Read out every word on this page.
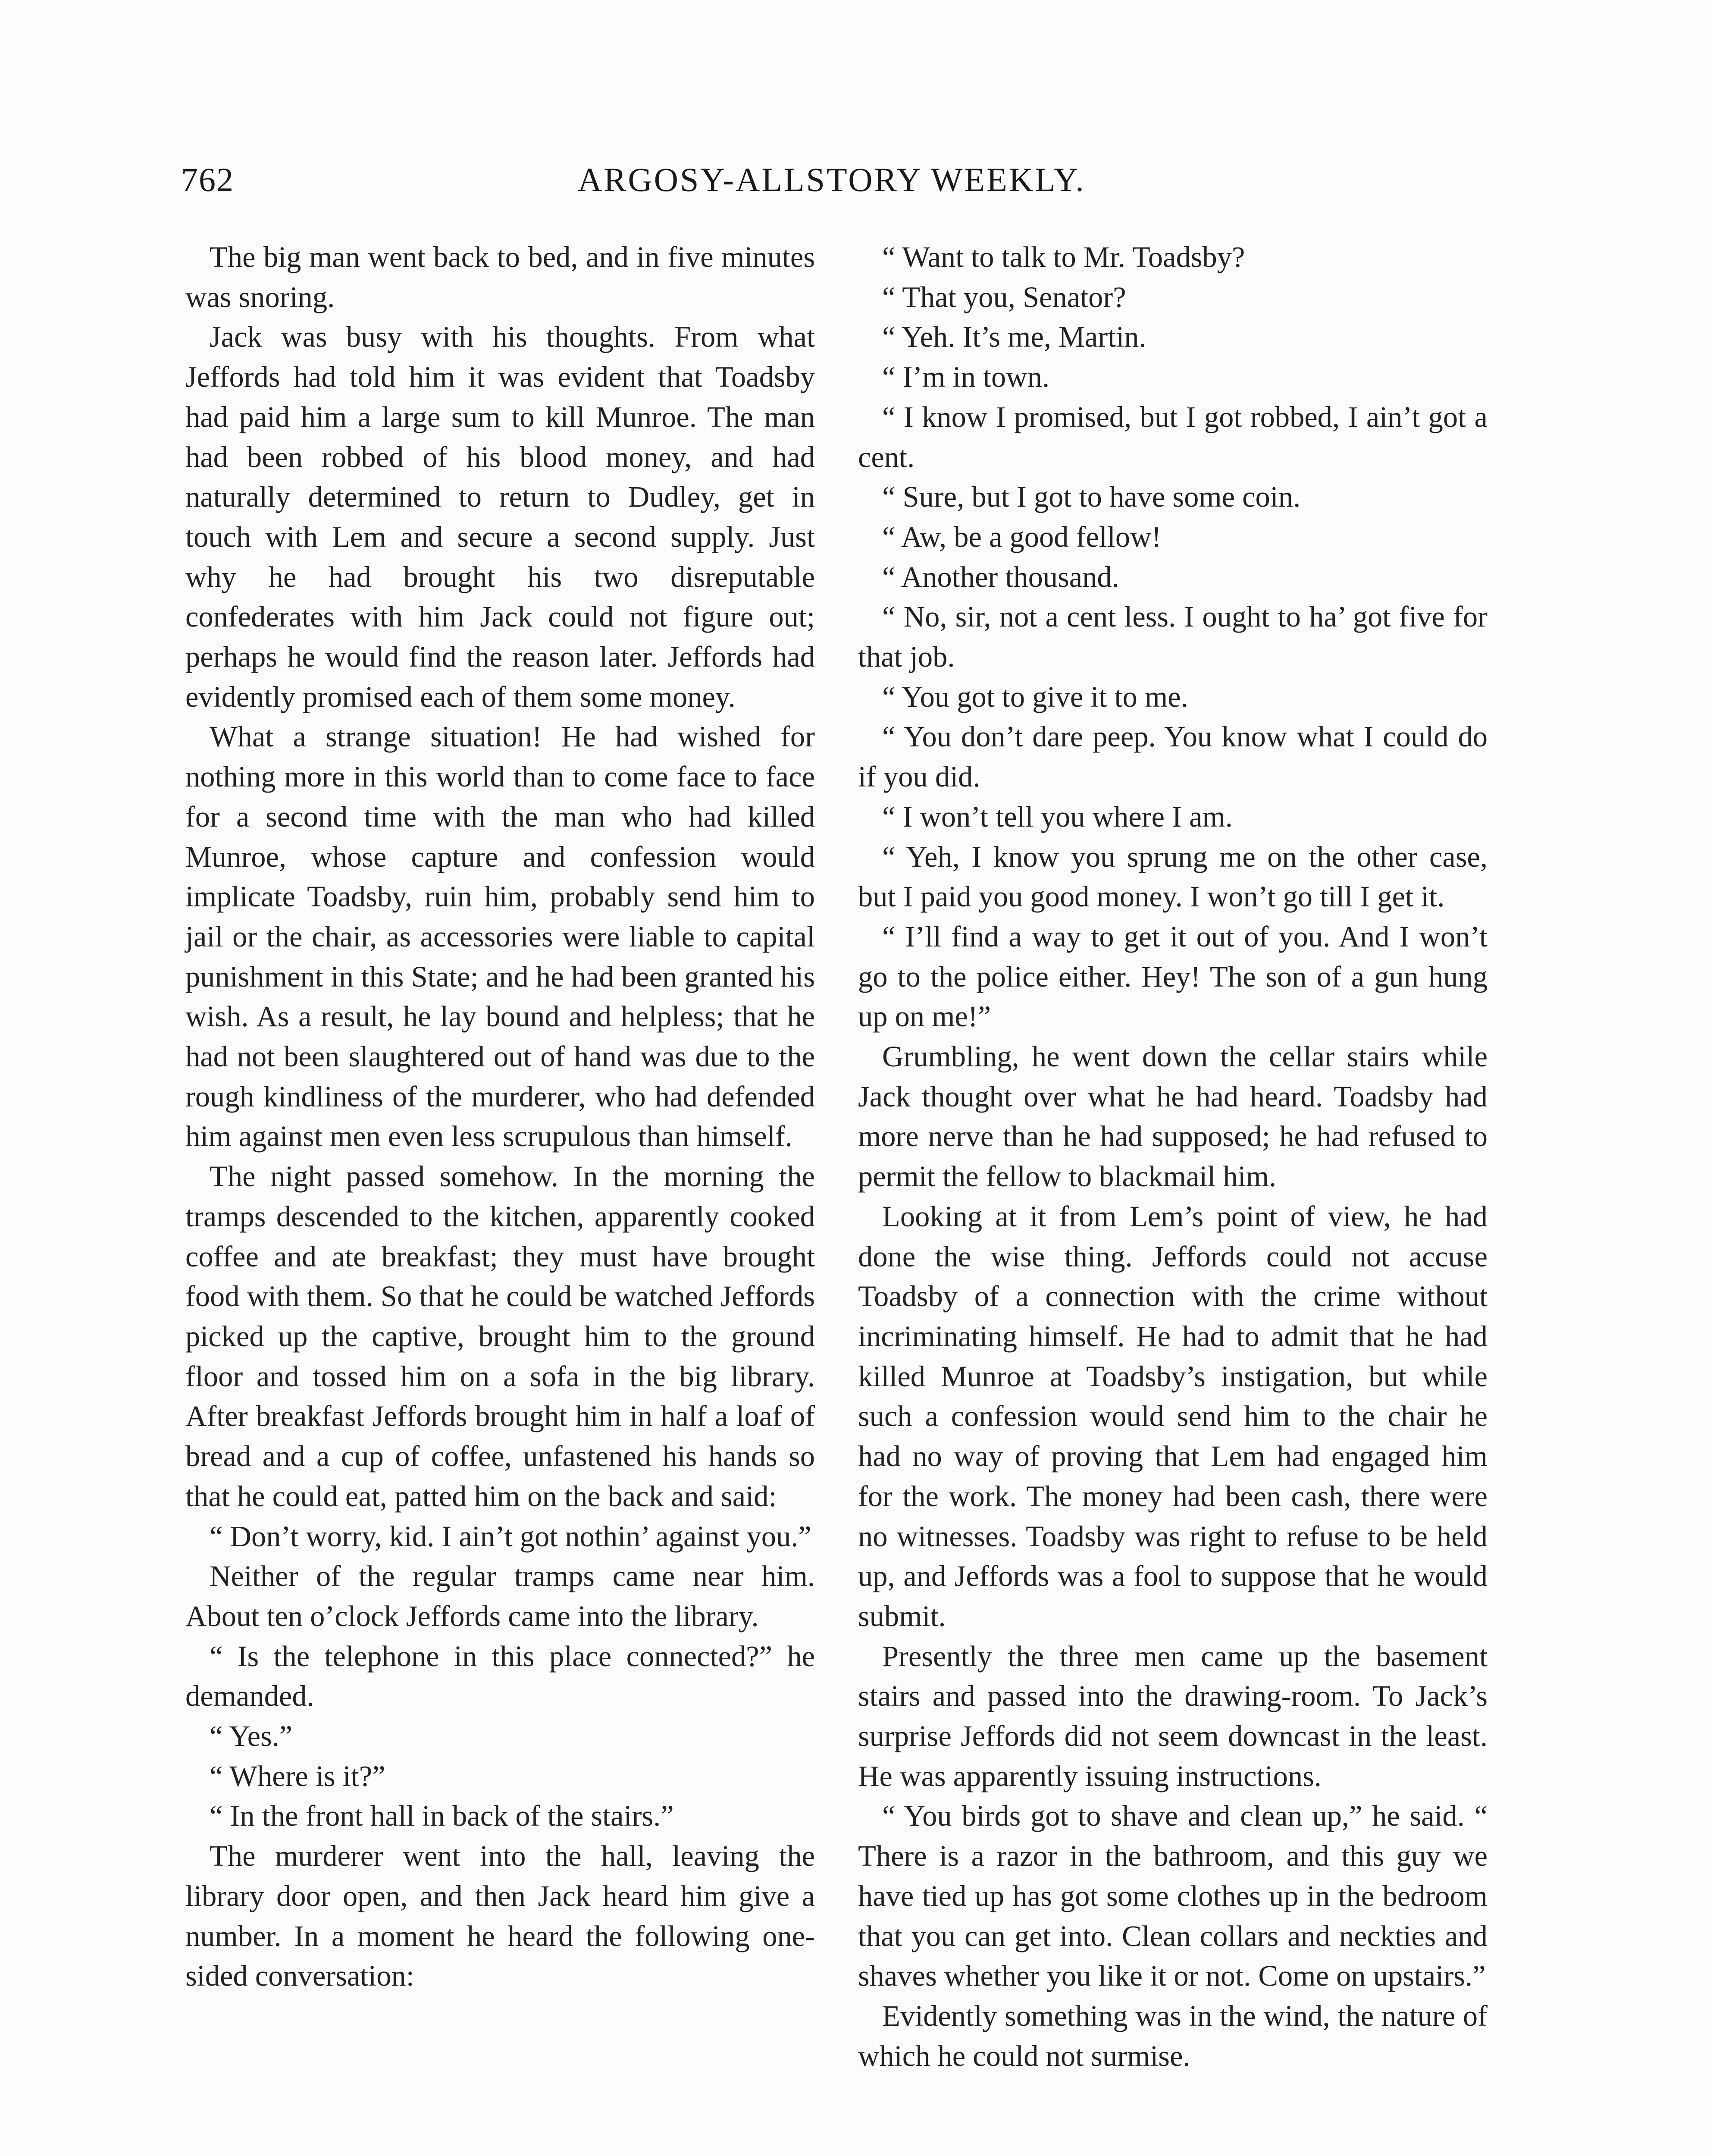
762	ARGOSY-ALLSTORY WEEKLY.

The big man went back to bed, and in five minutes was snoring.

Jack was busy with his thoughts. From what Jeffords had told him it was evident that Toadsby had paid him a large sum to kill Munroe. The man had been robbed of his blood money, and had naturally determined to return to Dudley, get in touch with Lem and secure a second supply. Just why he had brought his two disreputable confederates with him Jack could not figure out; perhaps he would find the reason later. Jeffords had evidently promised each of them some money.

What a strange situation! He had wished for nothing more in this world than to come face to face for a second time with the man who had killed Munroe, whose capture and confession would implicate Toadsby, ruin him, probably send him to jail or the chair, as accessories were liable to capital punishment in this State; and he had been granted his wish. As a result, he lay bound and helpless; that he had not been slaughtered out of hand was due to the rough kindliness of the murderer, who had defended him against men even less scrupulous than himself.

The night passed somehow. In the morning the tramps descended to the kitchen, apparently cooked coffee and ate breakfast; they must have brought food with them. So that he could be watched Jeffords picked up the captive, brought him to the ground floor and tossed him on a sofa in the big library. After breakfast Jeffords brought him in half a loaf of bread and a cup of coffee, unfastened his hands so that he could eat, patted him on the back and said:

“ Don’t worry, kid. I ain’t got nothin’ against you.”

Neither of the regular tramps came near him. About ten o’clock Jeffords came into the library.

“ Is the telephone in this place connected?” he demanded.

“ Yes.”

“ Where is it?”

“ In the front hall in back of the stairs.”

The murderer went into the hall, leaving the library door open, and then Jack heard him give a number. In a moment he heard the following one-sided conversation:

“ Want to talk to Mr. Toadsby?

“ That you, Senator?

“ Yeh. It’s me, Martin.

“ I’m in town.

“ I know I promised, but I got robbed, I ain’t got a cent.

“ Sure, but I got to have some coin.

“ Aw, be a good fellow!

“ Another thousand.

“ No, sir, not a cent less. I ought to ha’ got five for that job.

“ You got to give it to me.

“ You don’t dare peep. You know what I could do if you did.

“ I won’t tell you where I am.

“ Yeh, I know you sprung me on the other case, but I paid you good money. I won’t go till I get it.

“ I’ll find a way to get it out of you. And I won’t go to the police either. Hey! The son of a gun hung up on me!”

Grumbling, he went down the cellar stairs while Jack thought over what he had heard. Toadsby had more nerve than he had supposed; he had refused to permit the fellow to blackmail him.

Looking at it from Lem’s point of view, he had done the wise thing. Jeffords could not accuse Toadsby of a connection with the crime without incriminating himself. He had to admit that he had killed Munroe at Toadsby’s instigation, but while such a confession would send him to the chair he had no way of proving that Lem had engaged him for the work. The money had been cash, there were no witnesses. Toadsby was right to refuse to be held up, and Jeffords was a fool to suppose that he would submit.

Presently the three men came up the basement stairs and passed into the drawing-room. To Jack’s surprise Jeffords did not seem downcast in the least. He was apparently issuing instructions.

“ You birds got to shave and clean up,” he said. “ There is a razor in the bathroom, and this guy we have tied up has got some clothes up in the bedroom that you can get into. Clean collars and neckties and shaves whether you like it or not. Come on upstairs.”

Evidently something was in the wind, the nature of which he could not surmise.
